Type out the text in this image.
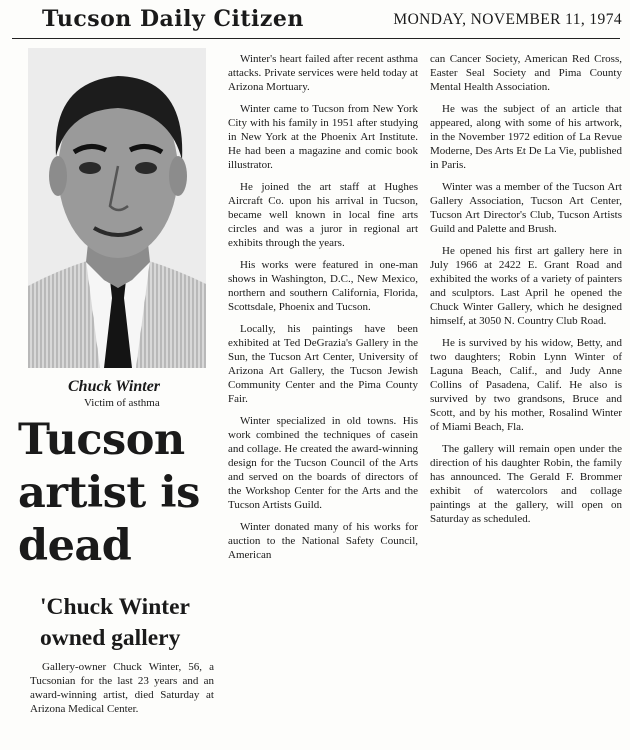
Tucson Daily Citizen	MONDAY, NOVEMBER 11, 1974
Chuck Winter
Victim of asthma
Tucson artist is dead
'Chuck Winter owned gallery

Gallery-owner Chuck Winter, 56, a Tucsonian for the last 23 years and an award-winning artist, died Saturday at Arizona Medical Center.

Winter's heart failed after recent asthma attacks. Private services were held today at Arizona Mortuary.

Winter came to Tucson from New York City with his family in 1951 after studying in New York at the Phoenix Art Institute. He had been a magazine and comic book illustrator.

He joined the art staff at Hughes Aircraft Co. upon his arrival in Tucson, became well known in local fine arts circles and was a juror in regional art exhibits through the years.

His works were featured in one-man shows in Washington, D.C., New Mexico, northern and southern California, Florida, Scottsdale, Phoenix and Tucson.

Locally, his paintings have been exhibited at Ted DeGrazia's Gallery in the Sun, the Tucson Art Center, University of Arizona Art Gallery, the Tucson Jewish Community Center and the Pima County Fair.

Winter specialized in old towns. His work combined the techniques of casein and collage. He created the award-winning design for the Tucson Council of the Arts and served on the boards of directors of the Workshop Center for the Arts and the Tucson Artists Guild.

Winter donated many of his works for auction to the National Safety Council, American

can Cancer Society, American Red Cross, Easter Seal Society and Pima County Mental Health Association.

He was the subject of an article that appeared, along with some of his artwork, in the November 1972 edition of La Revue Moderne, Des Arts Et De La Vie, published in Paris.

Winter was a member of the Tucson Art Gallery Association, Tucson Art Center, Tucson Art Director's Club, Tucson Artists Guild and Palette and Brush.

He opened his first art gallery here in July 1966 at 2422 E. Grant Road and exhibited the works of a variety of painters and sculptors. Last April he opened the Chuck Winter Gallery, which he designed himself, at 3050 N. Country Club Road.

He is survived by his widow, Betty, and two daughters; Robin Lynn Winter of Laguna Beach, Calif., and Judy Anne Collins of Pasadena, Calif. He also is survived by two grandsons, Bruce and Scott, and by his mother, Rosalind Winter of Miami Beach, Fla.

The gallery will remain open under the direction of his daughter Robin, the family has announced. The Gerald F. Brommer exhibit of watercolors and collage paintings at the gallery, will open on Saturday as scheduled.
